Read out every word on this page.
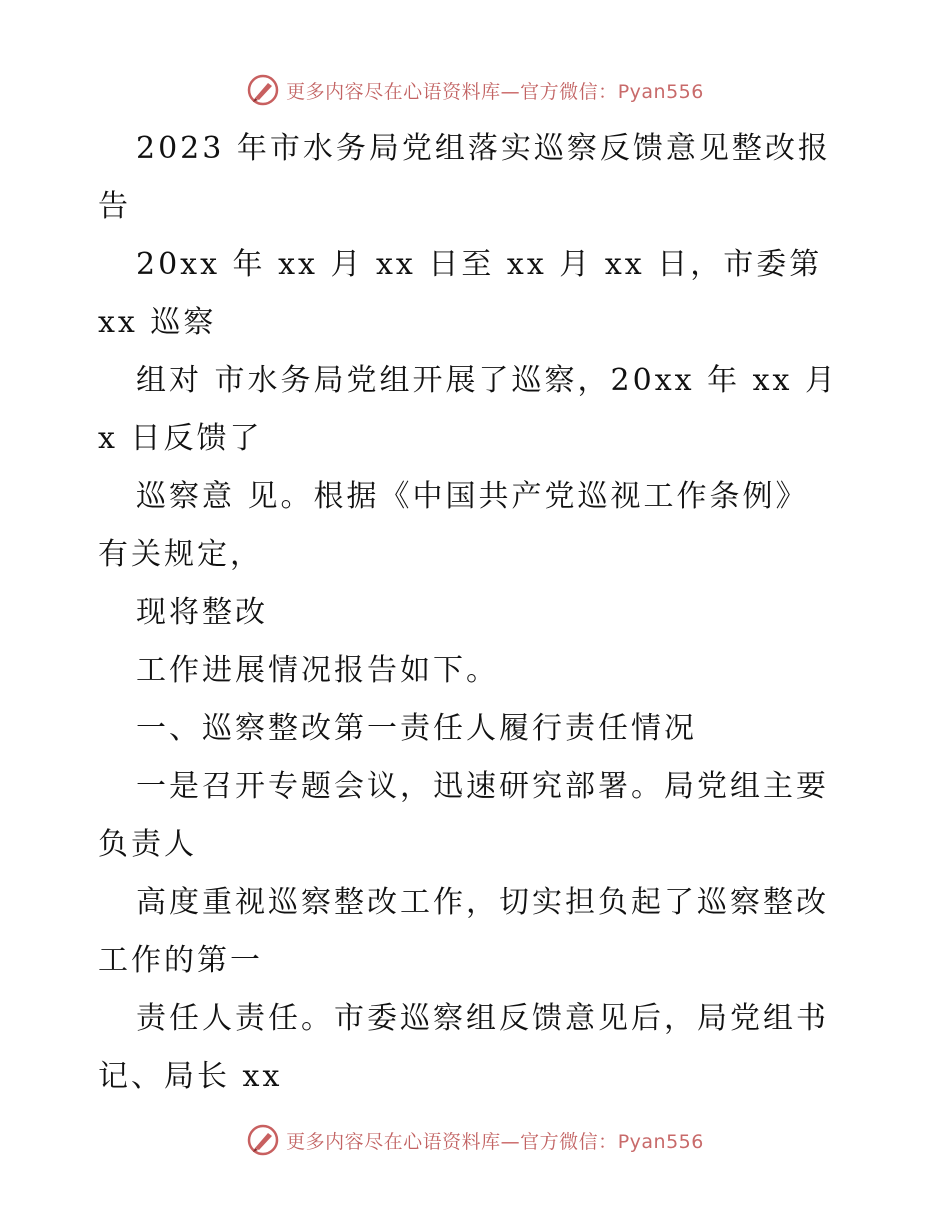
更多内容尽在心语资料库—官方微信：Pyan556
2023 年市水务局党组落实巡察反馈意见整改报
告
20xx 年 xx 月 xx 日至 xx 月 xx 日，市委第
xx 巡察
组对 市水务局党组开展了巡察，20xx 年 xx 月
x 日反馈了
巡察意 见。根据《中国共产党巡视工作条例》
有关规定，
现将整改
工作进展情况报告如下。
一、巡察整改第一责任人履行责任情况
一是召开专题会议，迅速研究部署。局党组主要
负责人
高度重视巡察整改工作，切实担负起了巡察整改
工作的第一
责任人责任。市委巡察组反馈意见后，局党组书
记、局长 xx
更多内容尽在心语资料库—官方微信：Pyan556
